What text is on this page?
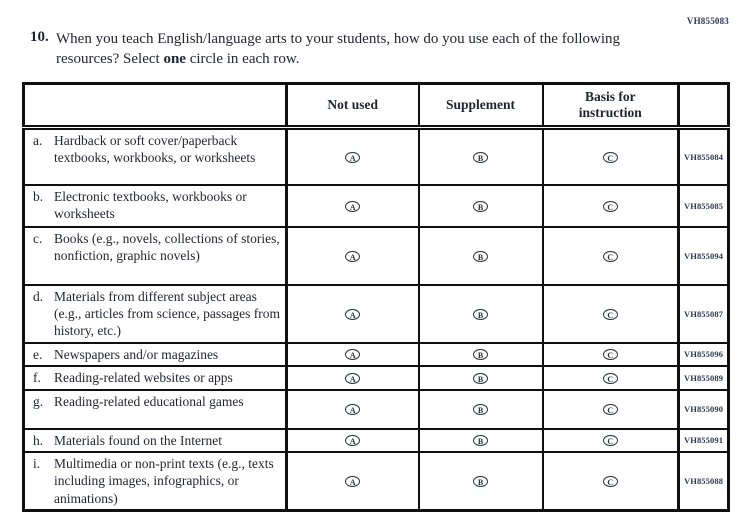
VH855083
10. When you teach English/language arts to your students, how do you use each of the following resources? Select one circle in each row.
	Not used	Supplement	Basis for instruction	

a. Hardback or soft cover/paperback textbooks, workbooks, or worksheets	A	B	C	VH855084

b. Electronic textbooks, workbooks or worksheets	A	B	C	VH855085

c. Books (e.g., novels, collections of stories, nonfiction, graphic novels)	A	B	C	VH855094

d. Materials from different subject areas (e.g., articles from science, passages from history, etc.)	A	B	C	VH855087

e. Newspapers and/or magazines	A	B	C	VH855096

f. Reading-related websites or apps	A	B	C	VH855089

g. Reading-related educational games	A	B	C	VH855090

h. Materials found on the Internet	A	B	C	VH855091

i. Multimedia or non-print texts (e.g., texts including images, infographics, or animations)	A	B	C	VH855088
